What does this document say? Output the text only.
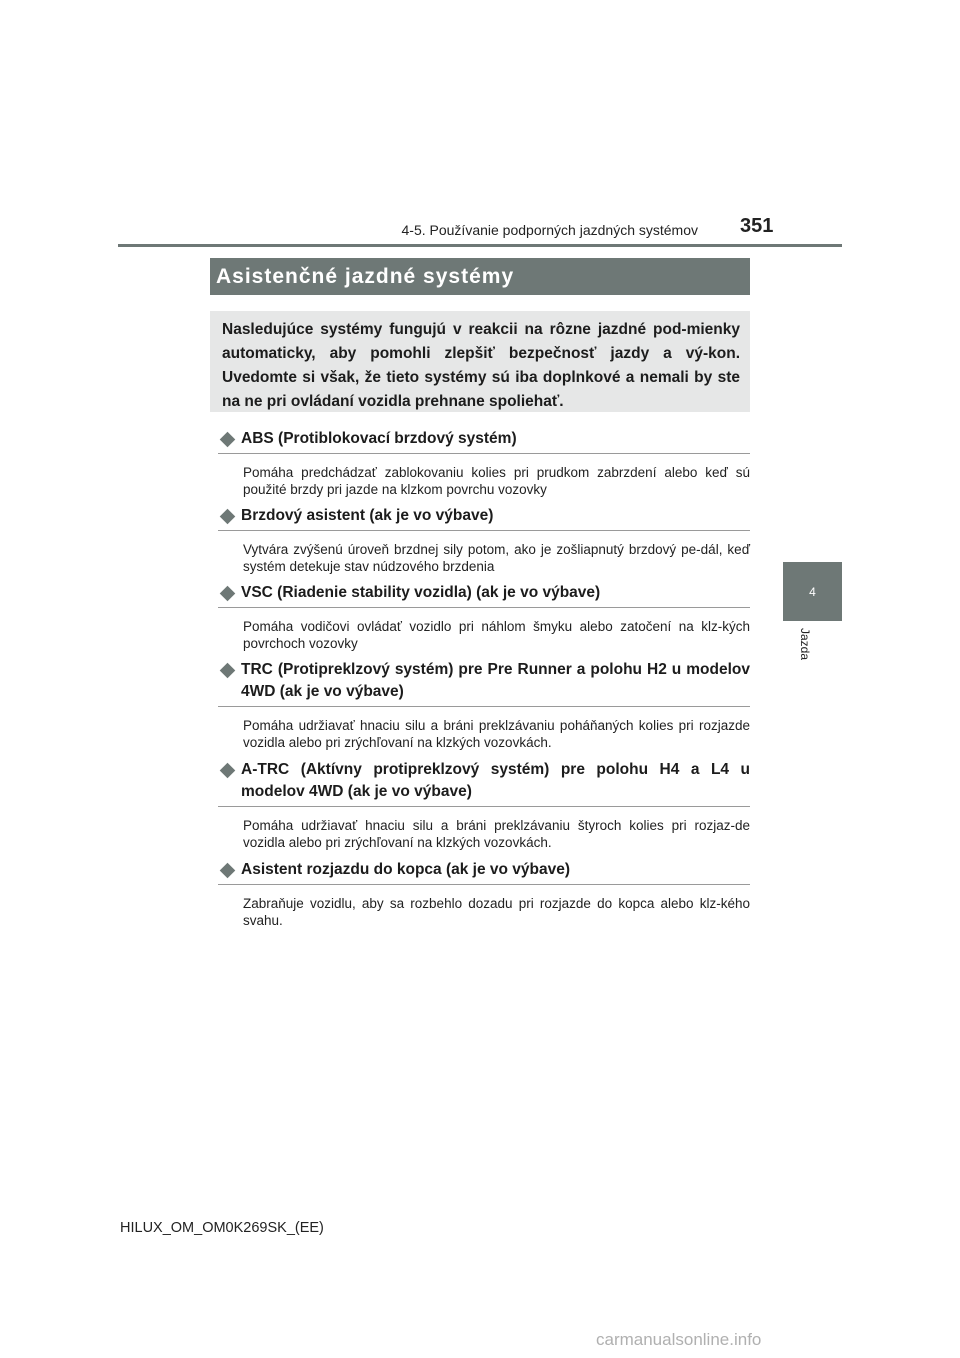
4-5. Používanie podporných jazdných systémov 351
4
Jazda
Asistenčné jazdné systémy
Nasledujúce systémy fungujú v reakcii na rôzne jazdné pod-mienky automaticky, aby pomohli zlepšiť bezpečnosť jazdy a vý-kon. Uvedomte si však, že tieto systémy sú iba doplnkové a nemali by ste na ne pri ovládaní vozidla prehnane spoliehať.
ABS (Protiblokovací brzdový systém)
Pomáha predchádzať zablokovaniu kolies pri prudkom zabrzdení alebo keď sú použité brzdy pri jazde na klzkom povrchu vozovky
Brzdový asistent (ak je vo výbave)
Vytvára zvýšenú úroveň brzdnej sily potom, ako je zošliapnutý brzdový pe-dál, keď systém detekuje stav núdzového brzdenia
VSC (Riadenie stability vozidla) (ak je vo výbave)
Pomáha vodičovi ovládať vozidlo pri náhlom šmyku alebo zatočení na klz-kých povrchoch vozovky
TRC (Protipreklzový systém) pre Pre Runner a polohu H2 u modelov 4WD (ak je vo výbave)
Pomáha udržiavať hnaciu silu a bráni preklzávaniu poháňaných kolies pri rozjazde vozidla alebo pri zrýchľovaní na klzkých vozovkách.
A-TRC (Aktívny protipreklzový systém) pre polohu H4 a L4 u modelov 4WD (ak je vo výbave)
Pomáha udržiavať hnaciu silu a bráni preklzávaniu štyroch kolies pri rozjaz-de vozidla alebo pri zrýchľovaní na klzkých vozovkách.
Asistent rozjazdu do kopca (ak je vo výbave)
Zabraňuje vozidlu, aby sa rozbehlo dozadu pri rozjazde do kopca alebo klz-kého svahu.
HILUX_OM_OM0K269SK_(EE)
carmanualsonline.info
